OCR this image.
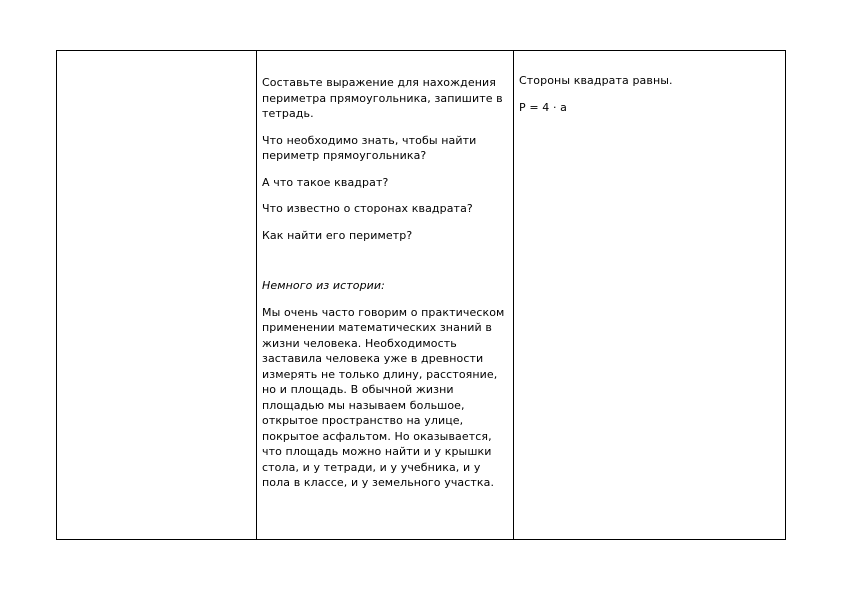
Составьте выражение для нахождения периметра прямоугольника, запишите в тетрадь.

Что необходимо знать, чтобы найти периметр прямоугольника?

А что такое квадрат?

Что известно о сторонах квадрата?

Как найти его периметр?

Немного из истории:

Мы очень часто говорим о практическом применении математических знаний в жизни человека. Необходимость заставила человека уже в древности измерять не только длину, расстояние, но и площадь. В обычной жизни площадью мы называем большое, открытое пространство на улице, покрытое асфальтом. Но оказывается, что площадь можно найти и у крышки стола, и у тетради, и у учебника, и у пола в классе, и у земельного участка.

Стороны квадрата равны.

P = 4 · a
